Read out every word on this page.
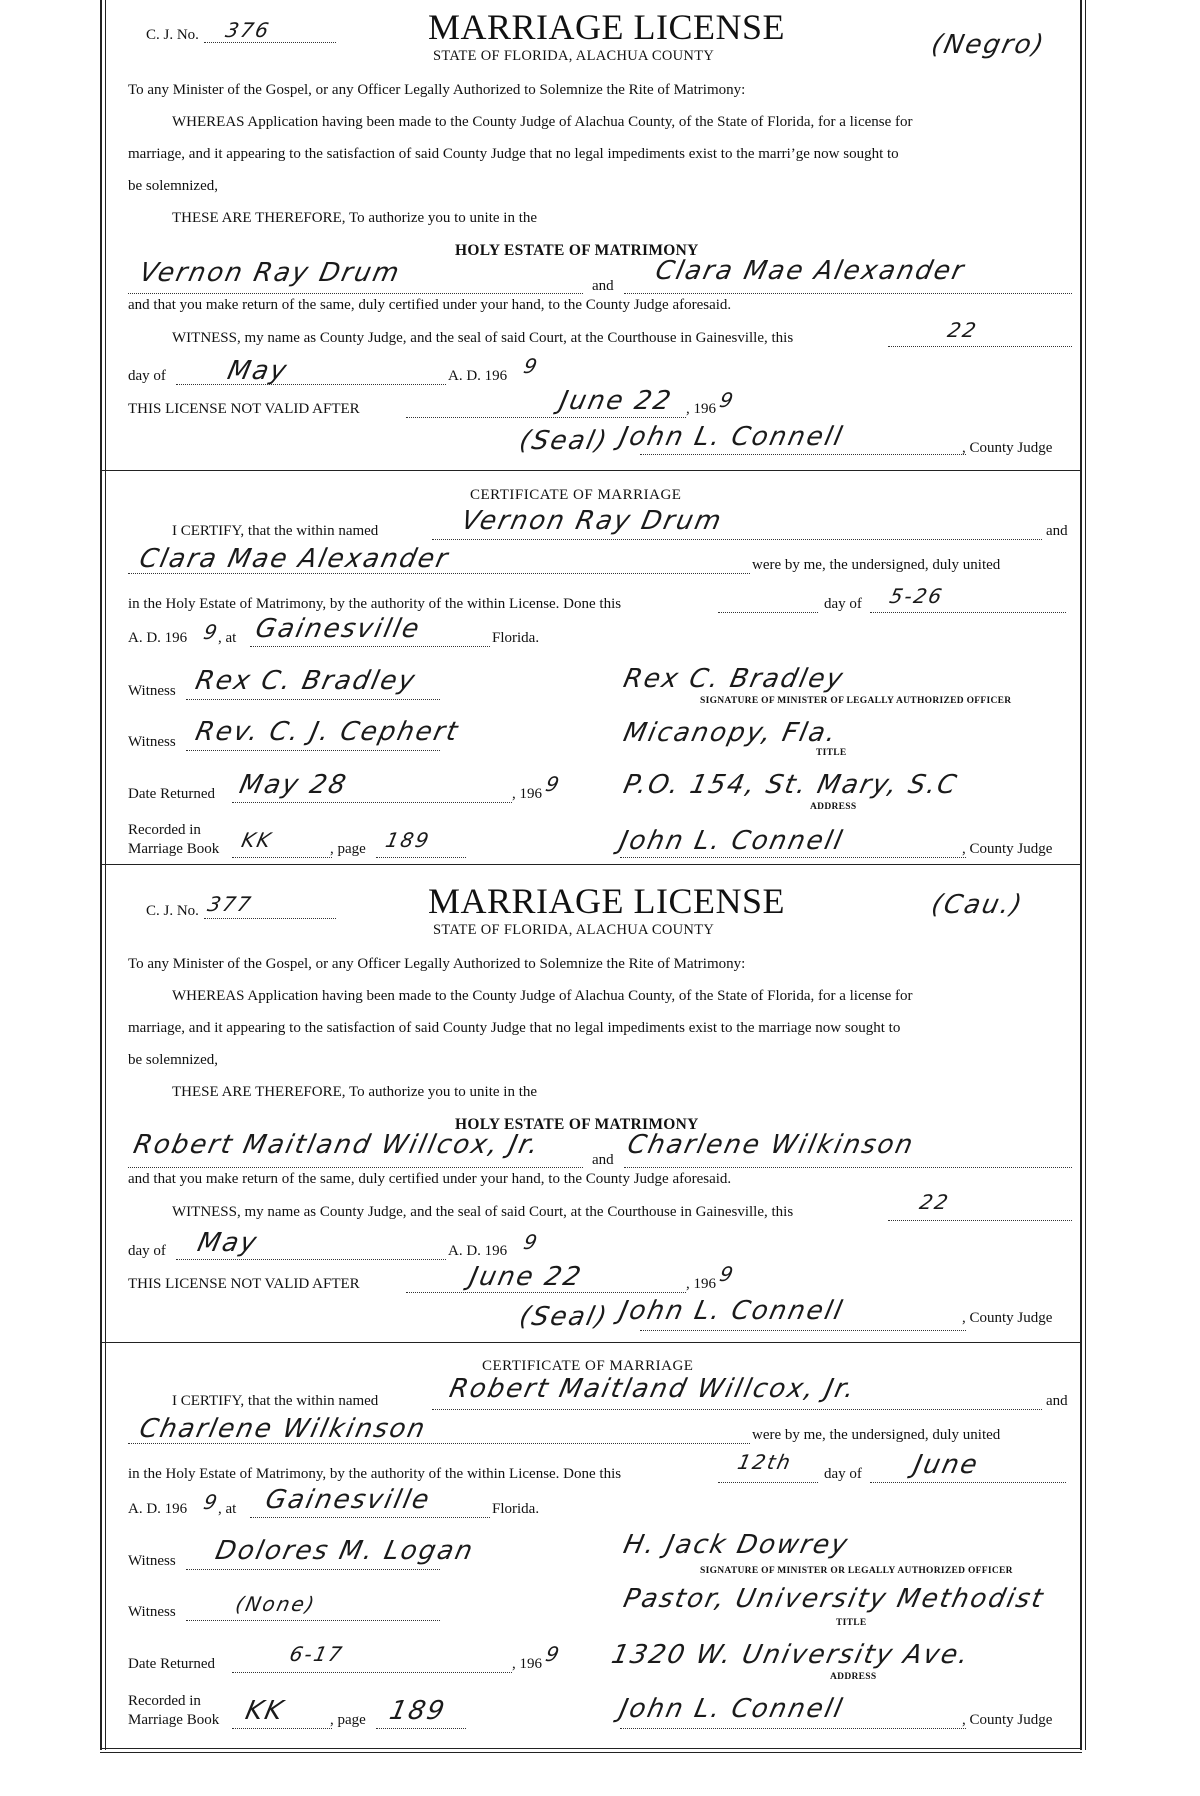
C. J. No. 376	MARRIAGE LICENSE
STATE OF FLORIDA, ALACHUA COUNTY	(Negro)
To any Minister of the Gospel, or any Officer Legally Authorized to Solemnize the Rite of Matrimony:
WHEREAS Application having been made to the County Judge of Alachua County, of the State of Florida, for a license for
marriage, and it appearing to the satisfaction of said County Judge that no legal impediments exist to the marri’ge now sought to
be solemnized,
THESE ARE THEREFORE, To authorize you to unite in the
HOLY ESTATE OF MATRIMONY
Vernon Ray Drum	and Clara Mae Alexander
and that you make return of the same, duly certified under your hand, to the County Judge aforesaid.
WITNESS, my name as County Judge, and the seal of said Court, at the Courthouse in Gainesville, this	22
day of May	A. D. 196 9
THIS LICENSE NOT VALID AFTER	June 22 , 196 9
(Seal) John L. Connell	, County Judge
CERTIFICATE OF MARRIAGE
I CERTIFY, that the within named	Vernon Ray Drum	and
Clara Mae Alexander	were by me, the undersigned, duly united
in the Holy Estate of Matrimony, by the authority of the within License. Done this	day of 5-26
A. D. 196 9
, at Gainesville	Florida.
Witness Rex C. Bradley	Rex C. Bradley
SIGNATURE OF MINISTER OF LEGALLY AUTHORIZED OFFICER
Witness Rev. C. J. Cephert	Micanopy, Fla.
TITLE
Date Returned May 28	, 196 9 P.O. 154, St. Mary, S.C
ADDRESS
Recorded in
Marriage Book KK	, page 189	John L. Connell	, County Judge
C. J. No. 377	MARRIAGE LICENSE
STATE OF FLORIDA, ALACHUA COUNTY
(Cau.)
To any Minister of the Gospel, or any Officer Legally Authorized to Solemnize the Rite of Matrimony:
WHEREAS Application having been made to the County Judge of Alachua County, of the State of Florida, for a license for
marriage, and it appearing to the satisfaction of said County Judge that no legal impediments exist to the marriage now sought to
be solemnized,
THESE ARE THEREFORE, To authorize you to unite in the
HOLY ESTATE OF MATRIMONY
Robert Maitland Willcox, Jr.	and Charlene Wilkinson
and that you make return of the same, duly certified under your hand, to the County Judge aforesaid.
WITNESS, my name as County Judge, and the seal of said Court, at the Courthouse in Gainesville, this	22
day of May	A. D. 196 9
THIS LICENSE NOT VALID AFTER	June 22	, 196 9
(Seal) John L. Connell	, County Judge
CERTIFICATE OF MARRIAGE
I CERTIFY, that the within named	Robert Maitland Willcox, Jr.	and
Charlene Wilkinson	were by me, the undersigned, duly united
in the Holy Estate of Matrimony, by the authority of the within License. Done this	12th day of June
A. D. 196 9
, at Gainesville	Florida.
Witness Dolores M. Logan	H. Jack Dowrey
SIGNATURE OF MINISTER OR LEGALLY AUTHORIZED OFFICER
Witness	(None)	Pastor, University Methodist
TITLE
Date Returned	6-17	, 196 9 1320 W. University Ave.
ADDRESS
Recorded in
Marriage Book KK	, page 189	John L. Connell	, County Judge
